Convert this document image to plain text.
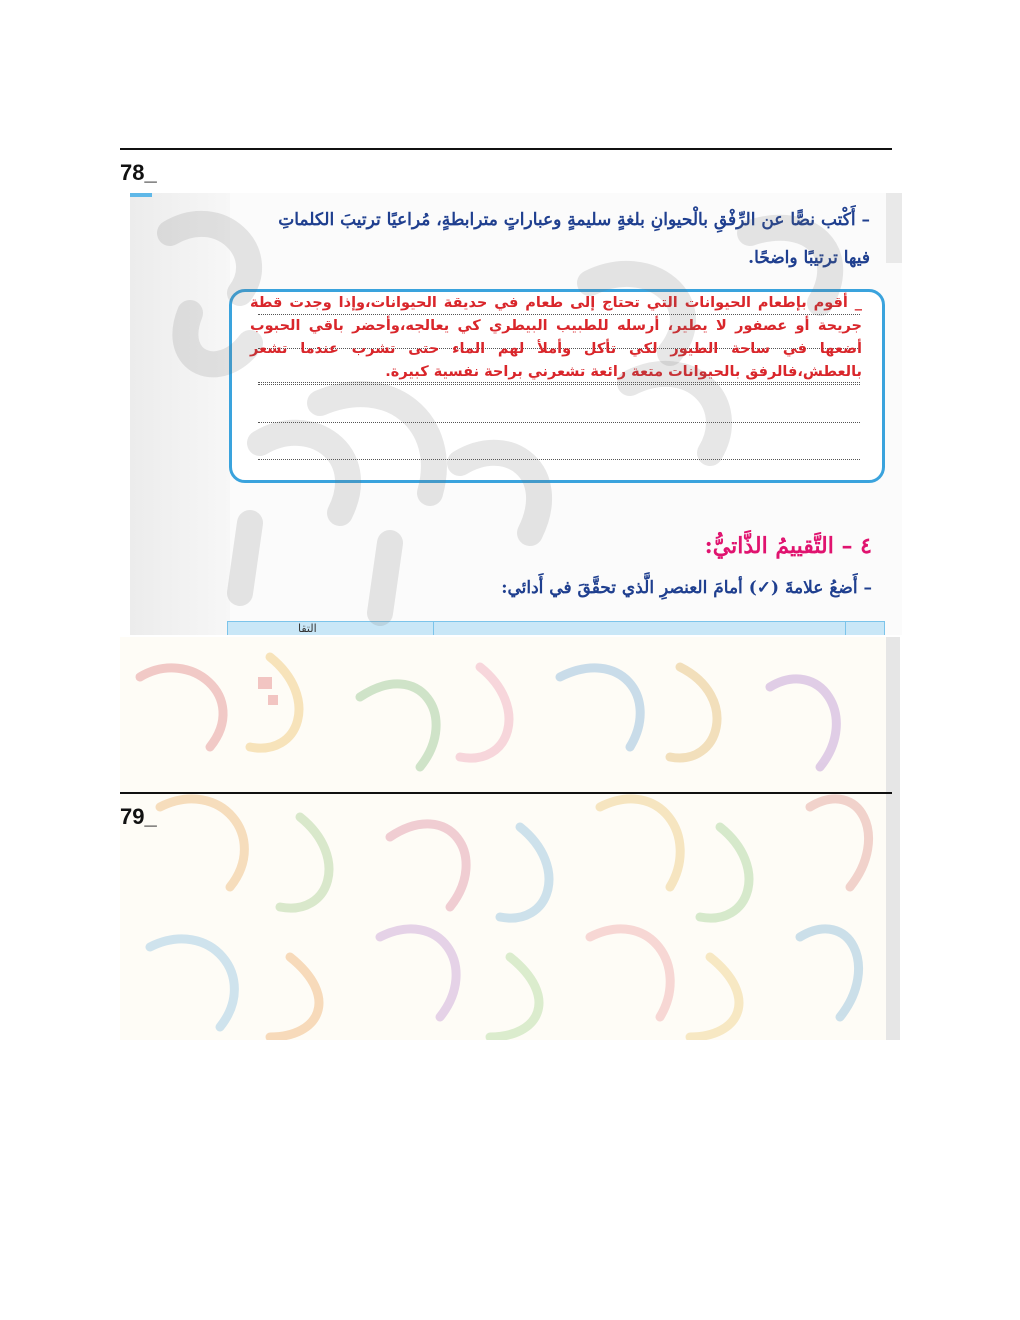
78_
– أَكْتب نصًّا عن الرِّفْقِ بالْحيوانِ بلغةٍ سليمةٍ وعباراتٍ مترابطةٍ، مُراعيًا ترتيبَ الكلماتِ
فيها ترتيبًا واضحًا.
_ أقوم بإطعام الحيوانات التي تحتاج إلى طعام في حديقة الحيوانات،وإذا وجدت قطة جريحة أو عصفور لا يطير، أرسله للطبيب البيطري كي يعالجه،وأحضر باقي الحبوب أضعها في ساحة الطيور لكي تأكل وأملأ لهم الماء حتى تشرب عندما تشعر بالعطش،فالرفق بالحيوانات متعة رائعة تشعرني براحة نفسية كبيرة.
٤ – التَّقييمُ الذَّاتيُّ:
– أَضعُ علامةَ (✓) أمامَ العنصرِ الَّذي تحقَّقَ في أَدائي:
التقا
79_
